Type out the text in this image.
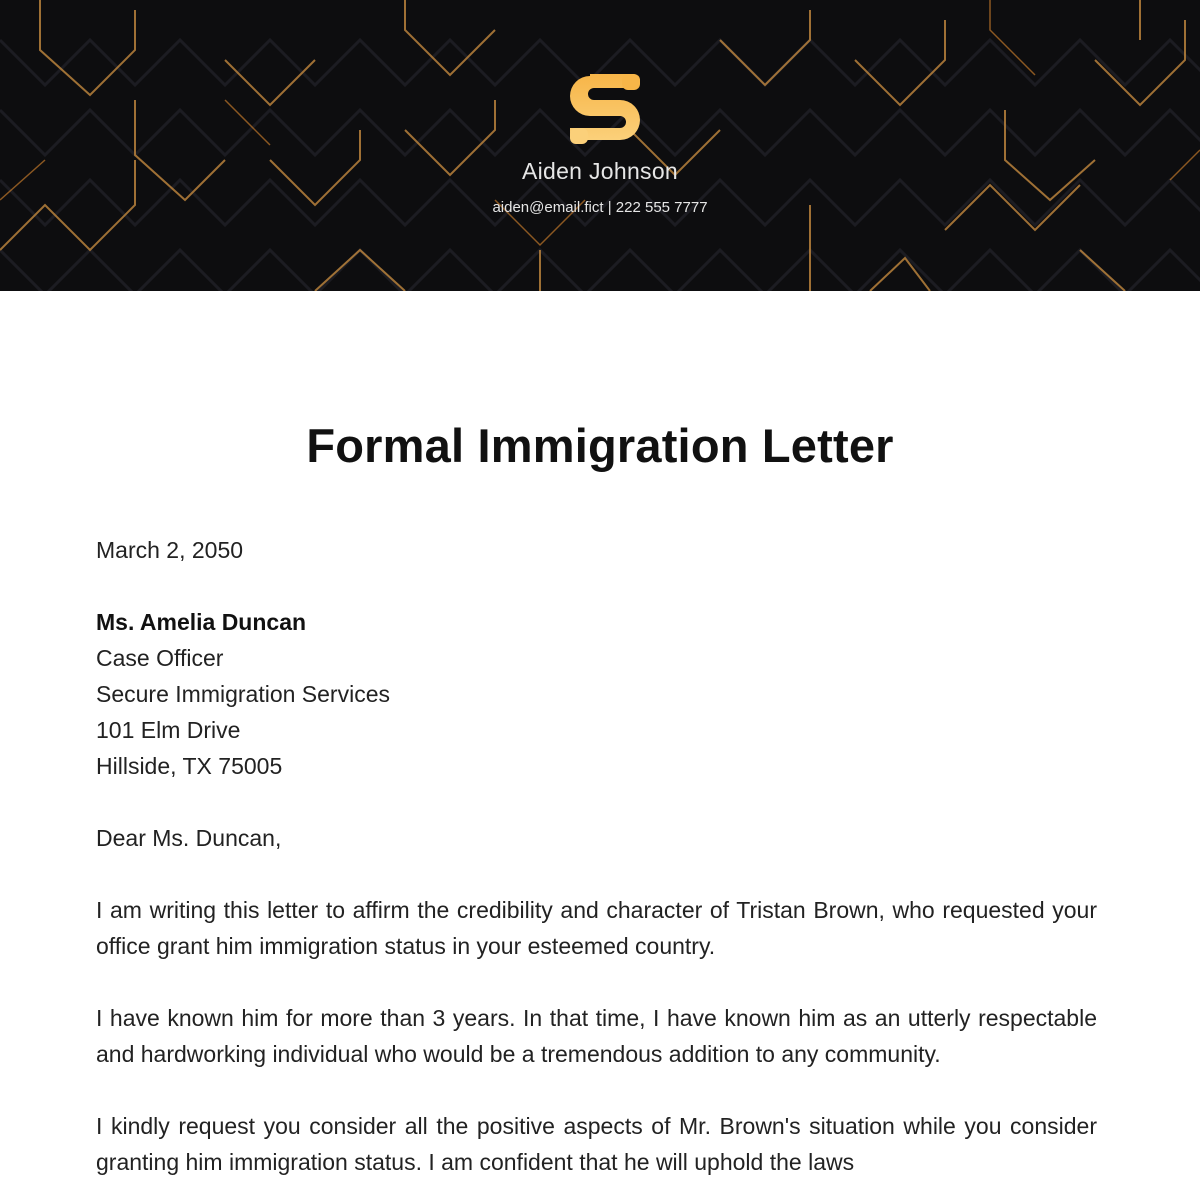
Aiden Johnson
aiden@email.fict | 222 555 7777
Formal Immigration Letter
March 2, 2050
Ms. Amelia Duncan
Case Officer
Secure Immigration Services
101 Elm Drive
Hillside, TX 75005

Dear Ms. Duncan,

I am writing this letter to affirm the credibility and character of Tristan Brown, who requested your office grant him immigration status in your esteemed country.

I have known him for more than 3 years. In that time, I have known him as an utterly respectable and hardworking individual who would be a tremendous addition to any community.

I kindly request you consider all the positive aspects of Mr. Brown's situation while you consider granting him immigration status. I am confident that he will uphold the laws
